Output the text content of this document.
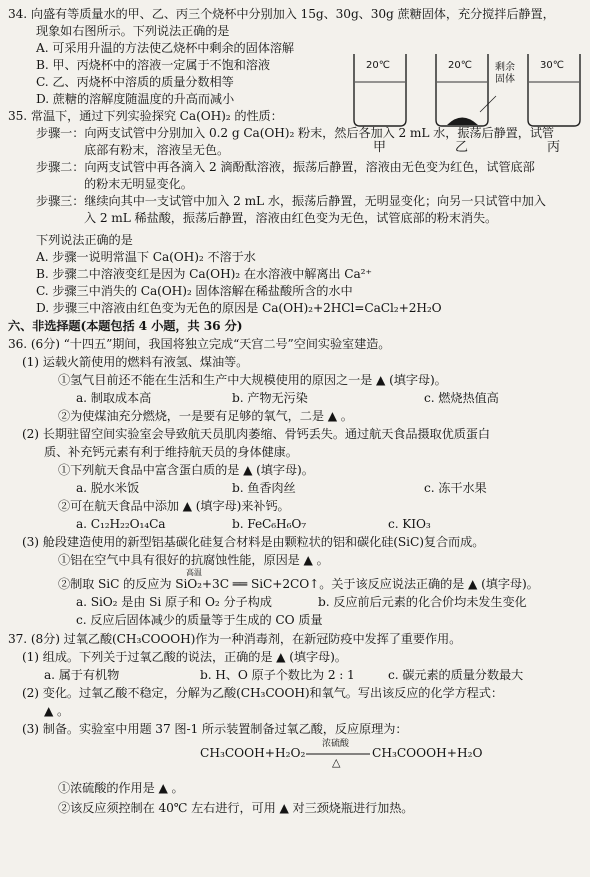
34. 向盛有等质量水的甲、乙、丙三个烧杯中分别加入 15g、30g、30g 蔗糖固体，充分搅拌后静置，
现象如右图所示。下列说法正确的是
A. 可采用升温的方法使乙烧杯中剩余的固体溶解
B. 甲、丙烧杯中的溶液一定属于不饱和溶液
C. 乙、丙烧杯中溶质的质量分数相等
D. 蔗糖的溶解度随温度的升高而减小
20℃	20℃	30℃
剩余 固体
甲	乙	丙
35. 常温下，通过下列实验探究 Ca(OH)₂ 的性质：
步骤一：向两支试管中分别加入 0.2 g Ca(OH)₂ 粉末，然后各加入 2 mL 水，振荡后静置，试管
底部有粉末，溶液呈无色。
步骤二：向两支试管中再各滴入 2 滴酚酞溶液，振荡后静置，溶液由无色变为红色，试管底部
的粉末无明显变化。
步骤三：继续向其中一支试管中加入 2 mL 水，振荡后静置，无明显变化；向另一只试管中加入
入 2 mL 稀盐酸，振荡后静置，溶液由红色变为无色，试管底部的粉末消失。
下列说法正确的是
A. 步骤一说明常温下 Ca(OH)₂ 不溶于水
B. 步骤二中溶液变红是因为 Ca(OH)₂ 在水溶液中解离出 Ca²⁺
C. 步骤三中消失的 Ca(OH)₂ 固体溶解在稀盐酸所含的水中
D. 步骤三中溶液由红色变为无色的原因是 Ca(OH)₂+2HCl=CaCl₂+2H₂O
六、非选择题(本题包括 4 小题，共 36 分)
36. (6分) “十四五”期间，我国将独立完成“天宫二号”空间实验室建造。
(1) 运载火箭使用的燃料有液氢、煤油等。
①氢气目前还不能在生活和生产中大规模使用的原因之一是 ▲ (填字母)。
a. 制取成本高	b. 产物无污染	c. 燃烧热值高
②为使煤油充分燃烧，一是要有足够的氧气，二是 ▲ 。
(2) 长期驻留空间实验室会导致航天员肌肉萎缩、骨钙丢失。通过航天食品摄取优质蛋白
质、补充钙元素有利于维持航天员的身体健康。
①下列航天食品中富含蛋白质的是 ▲ (填字母)。
a. 脱水米饭	b. 鱼香肉丝	c. 冻干水果
②可在航天食品中添加 ▲ (填字母)来补钙。
a. C₁₂H₂₂O₁₄Ca	b. FeC₆H₆O₇	c. KIO₃
(3) 舱段建造使用的新型铝基碳化硅复合材料是由颗粒状的铝和碳化硅(SiC)复合而成。
①铝在空气中具有很好的抗腐蚀性能，原因是 ▲ 。
高温
②制取 SiC 的反应为 SiO₂+3C ══ SiC+2CO↑。关于该反应说法正确的是 ▲ (填字母)。
a. SiO₂ 是由 Si 原子和 O₂ 分子构成	b. 反应前后元素的化合价均未发生变化
c. 反应后固体减少的质量等于生成的 CO 质量
37. (8分) 过氧乙酸(CH₃COOOH)作为一种消毒剂，在新冠防疫中发挥了重要作用。
(1) 组成。下列关于过氧乙酸的说法，正确的是 ▲ (填字母)。
a. 属于有机物	b. H、O 原子个数比为 2 : 1	c. 碳元素的质量分数最大
(2) 变化。过氧乙酸不稳定，分解为乙酸(CH₃COOH)和氧气。写出该反应的化学方程式：
▲ 。
(3) 制备。实验室中用题 37 图-1 所示装置制备过氧乙酸，反应原理为：
CH₃COOH+H₂O₂
浓硫酸
△
CH₃COOOH+H₂O
①浓硫酸的作用是 ▲ 。
②该反应须控制在 40℃ 左右进行，可用 ▲ 对三颈烧瓶进行加热。
